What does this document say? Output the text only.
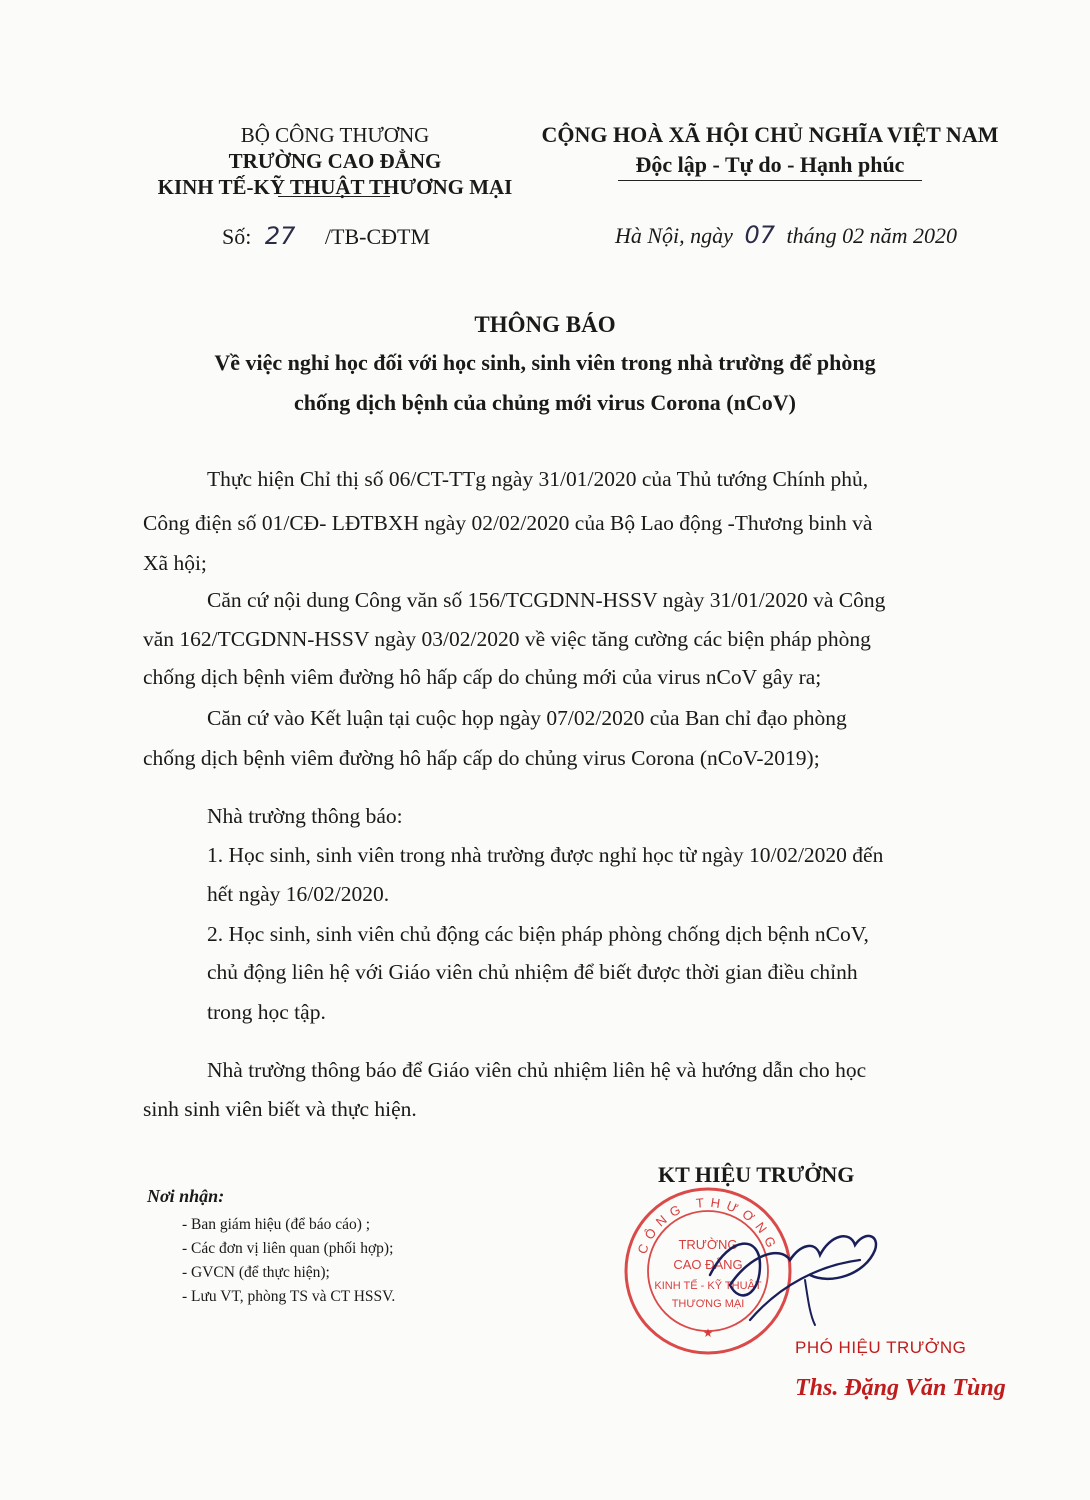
BỘ CÔNG THƯƠNG
TRƯỜNG CAO ĐẲNG
KINH TẾ-KỸ THUẬT THƯƠNG MẠI
CỘNG HOÀ XÃ HỘI CHỦ NGHĨA VIỆT NAM
Độc lập - Tự do - Hạnh phúc
Số: 27 /TB-CĐTM	Hà Nội, ngày 07 tháng 02 năm 2020
THÔNG BÁO
Về việc nghỉ học đối với học sinh, sinh viên trong nhà trường để phòng
chống dịch bệnh của chủng mới virus Corona (nCoV)

Thực hiện Chỉ thị số 06/CT-TTg ngày 31/01/2020 của Thủ tướng Chính phủ,

Công điện số 01/CĐ- LĐTBXH ngày 02/02/2020 của Bộ Lao động -Thương binh và

Xã hội;

Căn cứ nội dung Công văn số 156/TCGDNN-HSSV ngày 31/01/2020 và Công

văn 162/TCGDNN-HSSV ngày 03/02/2020 về việc tăng cường các biện pháp phòng

chống dịch bệnh viêm đường hô hấp cấp do chủng mới của virus nCoV gây ra;

Căn cứ vào Kết luận tại cuộc họp ngày 07/02/2020 của Ban chỉ đạo phòng

chống dịch bệnh viêm đường hô hấp cấp do chủng virus Corona (nCoV-2019);

Nhà trường thông báo:

1. Học sinh, sinh viên trong nhà trường được nghỉ học từ ngày 10/02/2020 đến

hết ngày 16/02/2020.

2. Học sinh, sinh viên chủ động các biện pháp phòng chống dịch bệnh nCoV,

chủ động liên hệ với Giáo viên chủ nhiệm để biết được thời gian điều chỉnh

trong học tập.

Nhà trường thông báo để Giáo viên chủ nhiệm liên hệ và hướng dẫn cho học

sinh sinh viên biết và thực hiện.

Nơi nhận:
- Ban giám hiệu (để báo cáo) ;
- Các đơn vị liên quan (phối hợp);
- GVCN (để thực hiện);
- Lưu VT, phòng TS và CT HSSV.
KT HIỆU TRƯỞNG
CÔNG THƯƠNG
TRƯỜNG
CAO ĐẲNG
KINH TẾ - KỸ THUẬT
THƯƠNG MẠI
★
PHÓ HIỆU TRƯỞNG
Ths. Đặng Văn Tùng
